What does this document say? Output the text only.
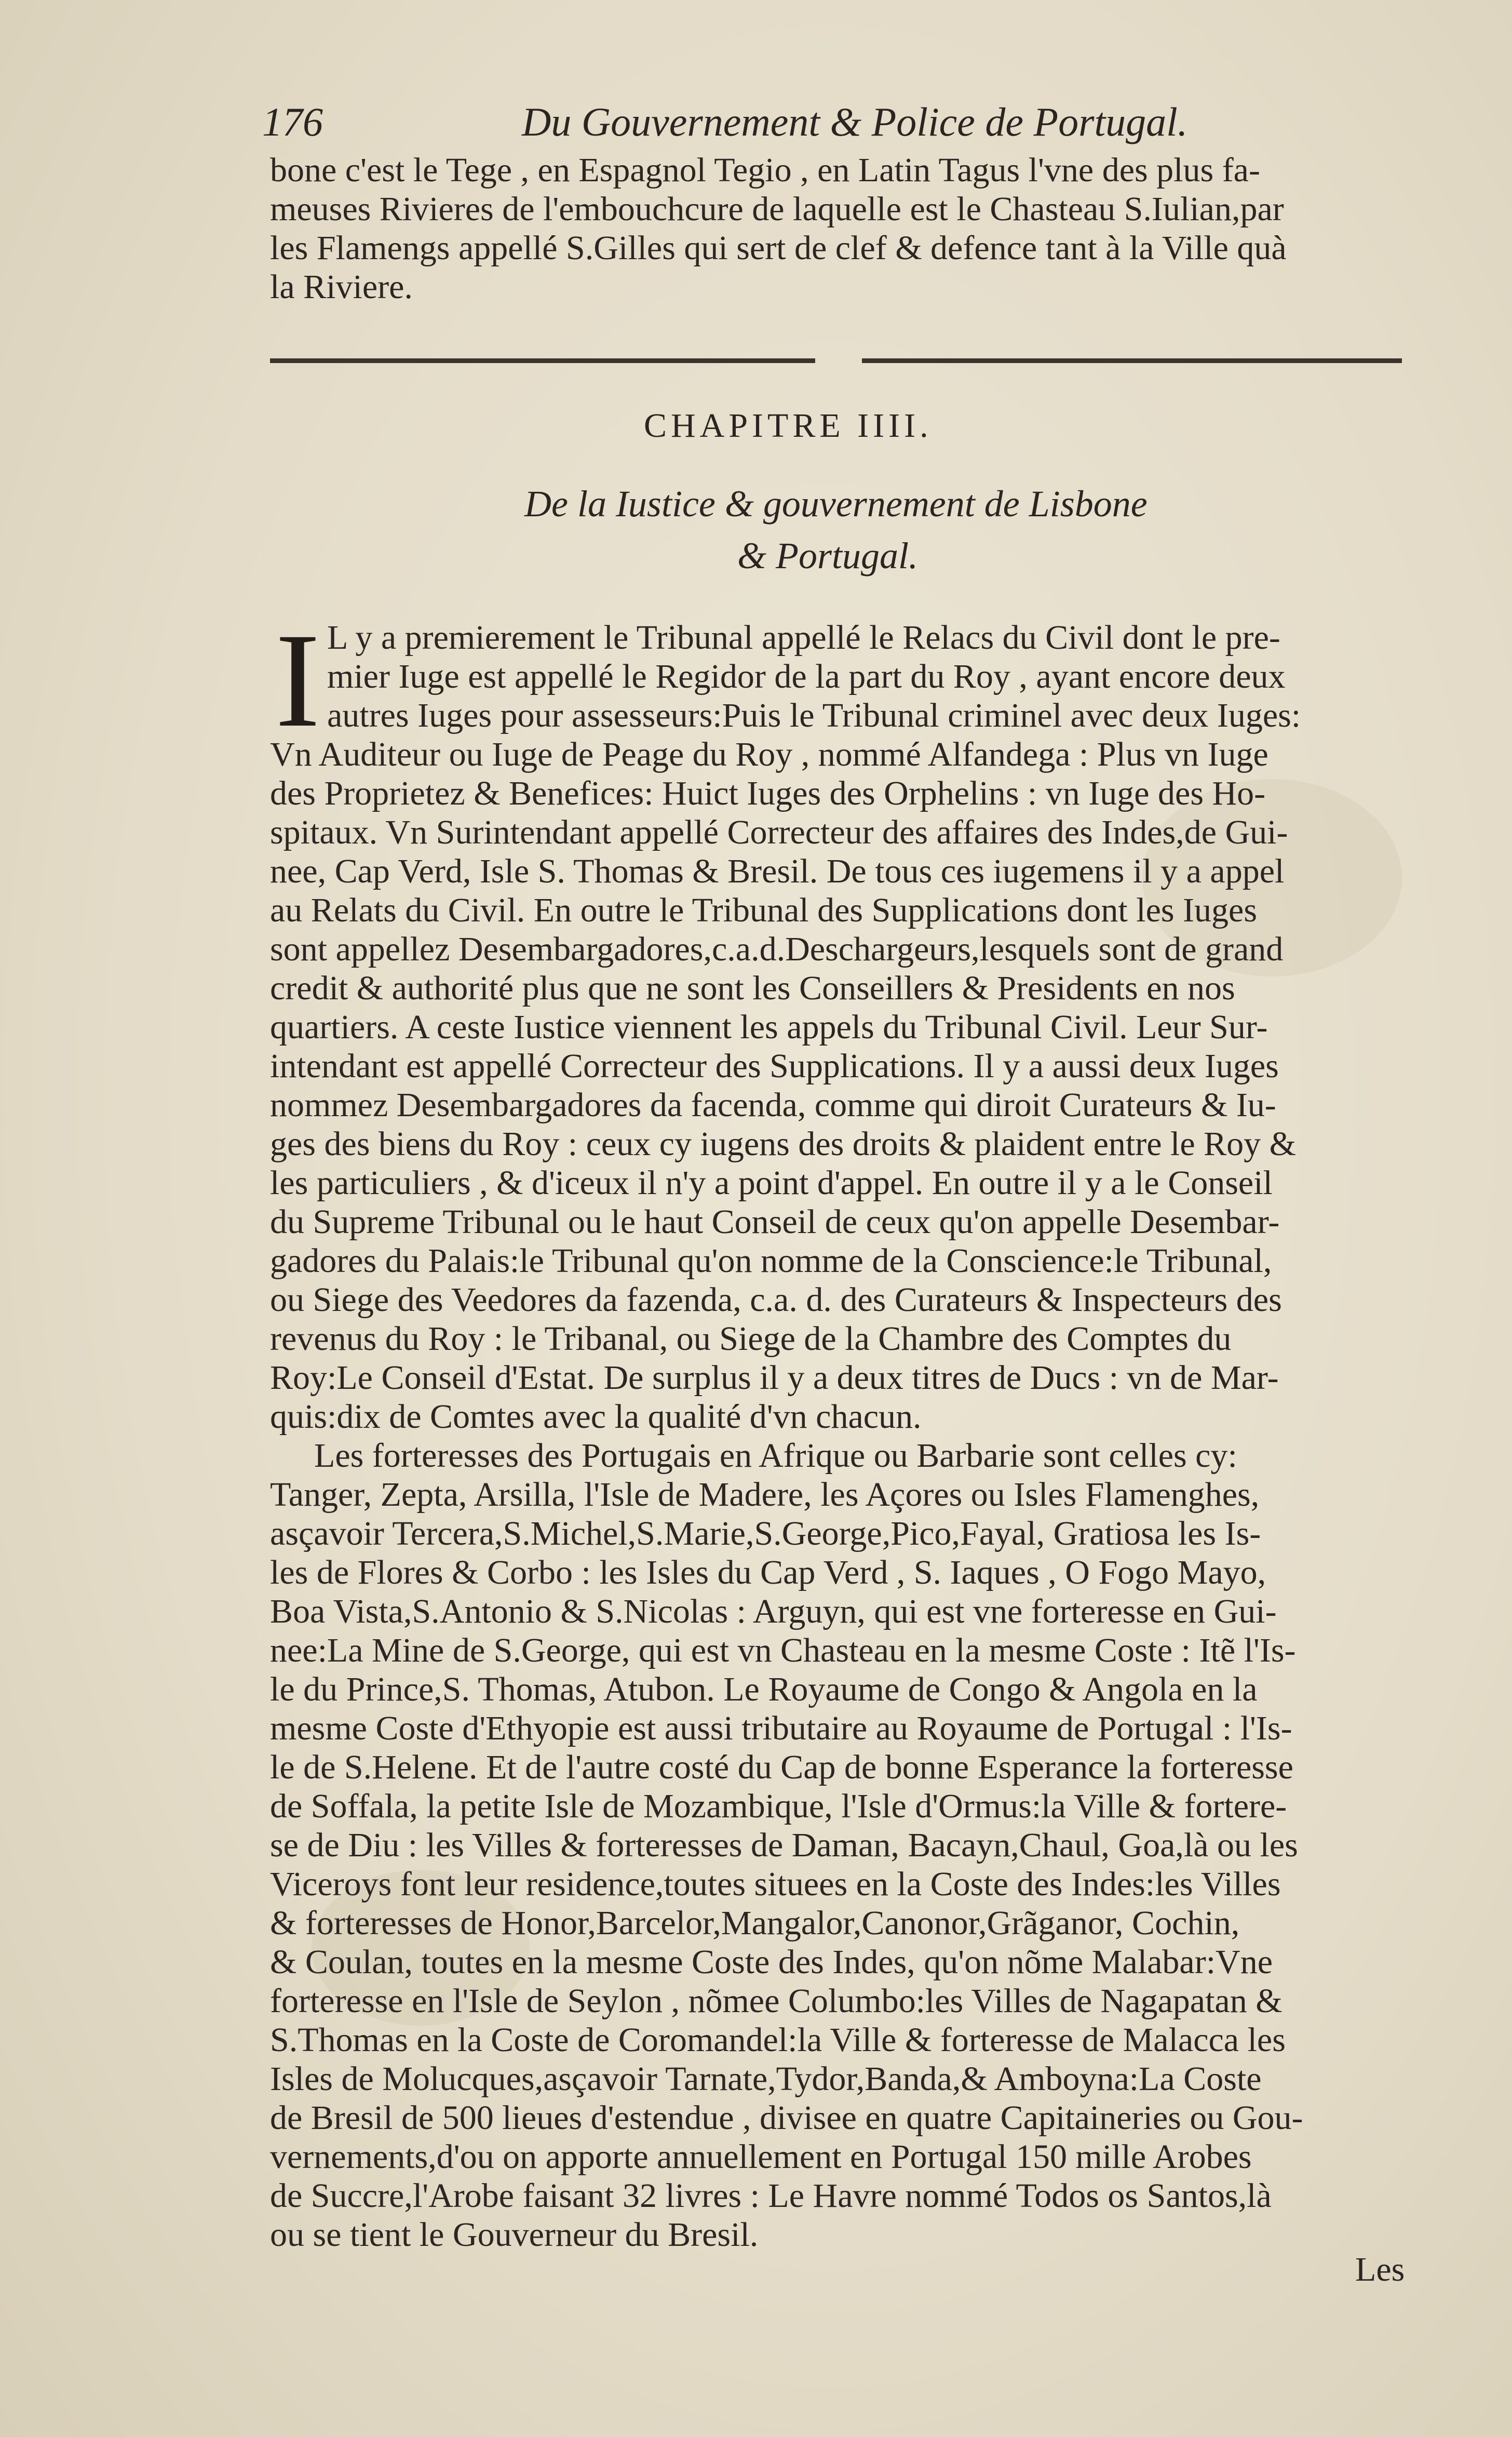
176	Du Gouvernement & Police de Portugal.
bone c'est le Tege , en Espagnol Tegio , en Latin Tagus l'vne des plus fa-
meuses Rivieres de l'embouchcure de laquelle est le Chasteau S.Iulian,par
les Flamengs appellé S.Gilles qui sert de clef & defence tant à la Ville quà
la Riviere.
CHAPITRE IIII.
De la Iustice & gouvernement de Lisbone
& Portugal.
I L y a premierement le Tribunal appellé le Relacs du Civil dont le pre-
mier Iuge est appellé le Regidor de la part du Roy , ayant encore deux
autres Iuges pour assesseurs:Puis le Tribunal criminel avec deux Iuges:
Vn Auditeur ou Iuge de Peage du Roy , nommé Alfandega : Plus vn Iuge
des Proprietez & Benefices: Huict Iuges des Orphelins : vn Iuge des Ho-
spitaux. Vn Surintendant appellé Correcteur des affaires des Indes,de Gui-
nee, Cap Verd, Isle S. Thomas & Bresil. De tous ces iugemens il y a appel
au Relats du Civil. En outre le Tribunal des Supplications dont les Iuges
sont appellez Desembargadores,c.a.d.Deschargeurs,lesquels sont de grand
credit & authorité plus que ne sont les Conseillers & Presidents en nos
quartiers. A ceste Iustice viennent les appels du Tribunal Civil. Leur Sur-
intendant est appellé Correcteur des Supplications. Il y a aussi deux Iuges
nommez Desembargadores da facenda, comme qui diroit Curateurs & Iu-
ges des biens du Roy : ceux cy iugens des droits & plaident entre le Roy &
les particuliers , & d'iceux il n'y a point d'appel. En outre il y a le Conseil
du Supreme Tribunal ou le haut Conseil de ceux qu'on appelle Desembar-
gadores du Palais:le Tribunal qu'on nomme de la Conscience:le Tribunal,
ou Siege des Veedores da fazenda, c.a. d. des Curateurs & Inspecteurs des
revenus du Roy : le Tribanal, ou Siege de la Chambre des Comptes du
Roy:Le Conseil d'Estat. De surplus il y a deux titres de Ducs : vn de Mar-
quis:dix de Comtes avec la qualité d'vn chacun.
Les forteresses des Portugais en Afrique ou Barbarie sont celles cy:
Tanger, Zepta, Arsilla, l'Isle de Madere, les Açores ou Isles Flamenghes,
asçavoir Tercera,S.Michel,S.Marie,S.George,Pico,Fayal, Gratiosa les Is-
les de Flores & Corbo : les Isles du Cap Verd , S. Iaques , O Fogo Mayo,
Boa Vista,S.Antonio & S.Nicolas : Arguyn, qui est vne forteresse en Gui-
nee:La Mine de S.George, qui est vn Chasteau en la mesme Coste : Itẽ l'Is-
le du Prince,S. Thomas, Atubon. Le Royaume de Congo & Angola en la
mesme Coste d'Ethyopie est aussi tributaire au Royaume de Portugal : l'Is-
le de S.Helene. Et de l'autre costé du Cap de bonne Esperance la forteresse
de Soffala, la petite Isle de Mozambique, l'Isle d'Ormus:la Ville & fortere-
se de Diu : les Villes & forteresses de Daman, Bacayn,Chaul, Goa,là ou les
Viceroys font leur residence,toutes situees en la Coste des Indes:les Villes
& forteresses de Honor,Barcelor,Mangalor,Canonor,Grãganor, Cochin,
& Coulan, toutes en la mesme Coste des Indes, qu'on nõme Malabar:Vne
forteresse en l'Isle de Seylon , nõmee Columbo:les Villes de Nagapatan &
S.Thomas en la Coste de Coromandel:la Ville & forteresse de Malacca les
Isles de Molucques,asçavoir Tarnate,Tydor,Banda,& Amboyna:La Coste
de Bresil de 500 lieues d'estendue , divisee en quatre Capitaineries ou Gou-
vernements,d'ou on apporte annuellement en Portugal 150 mille Arobes
de Succre,l'Arobe faisant 32 livres : Le Havre nommé Todos os Santos,là
ou se tient le Gouverneur du Bresil.
Les
